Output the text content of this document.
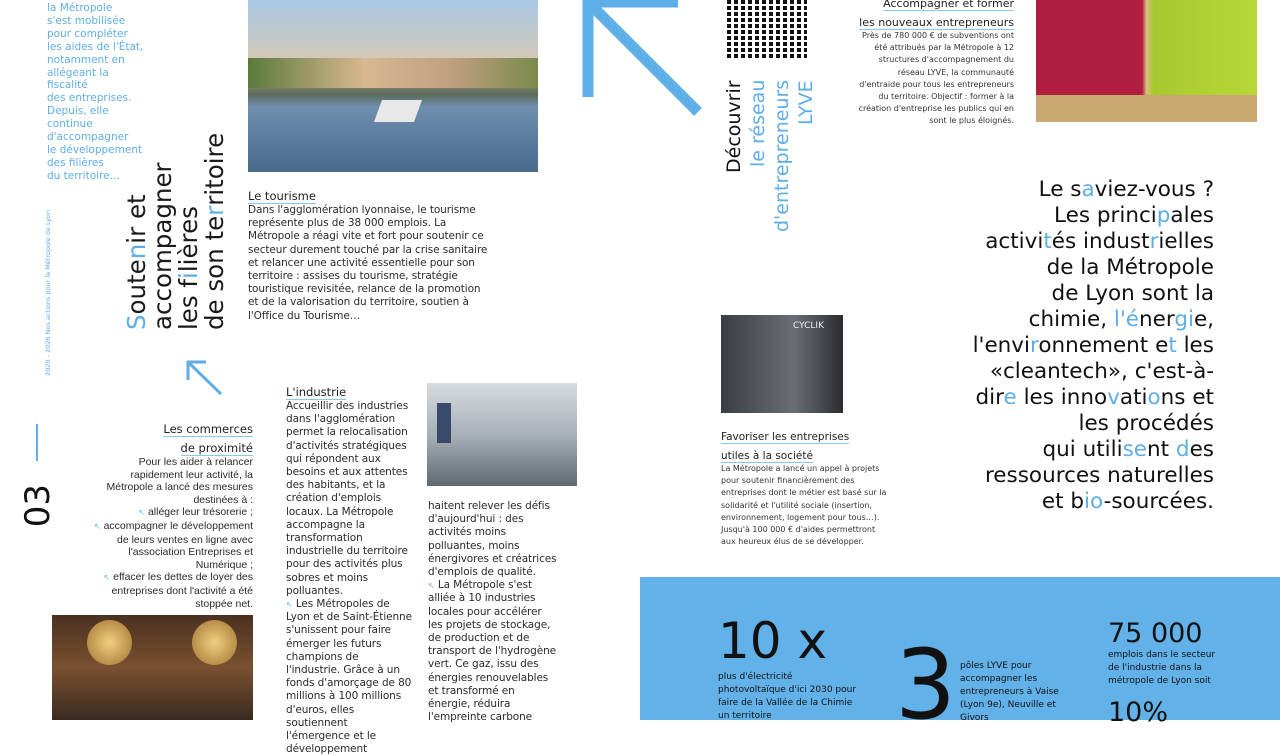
la Métropole
s'est mobilisée
pour compléter
les aides de l'État,
notamment en
allégeant la fiscalité
des entreprises.
Depuis, elle continue
d'accompagner
le développement
des filières
du territoire…
2020 - 2026 Nos actions pour la Métropole de Lyon
03
Soutenir et
accompagner
les filières
de son territoire Le tourisme
Dans l'agglomération lyonnaise, le tourisme représente plus de 38 000 emplois. La Métropole a réagi vite et fort pour soutenir ce secteur durement touché par la crise sanitaire et relancer une activité essentielle pour son territoire : assises du tourisme, stratégie touristique revisitée, relance de la promotion et de la valorisation du territoire, soutien à l'Office du Tourisme…
Les commerces
de proximité
Pour les aider à relancer rapidement leur activité, la Métropole a lancé des mesures destinées à :
↖ alléger leur trésorerie ;
↖ accompagner le développement de leurs ventes en ligne avec l'association Entreprises et Numérique ;
↖ effacer les dettes de loyer des entreprises dont l'activité a été stoppée net.
L'industrie
Accueillir des industries dans l'agglomération permet la relocalisation d'activités stratégiques qui répondent aux besoins et aux attentes des habitants, et la création d'emplois locaux. La Métropole accompagne la transformation industrielle du territoire pour des activités plus sobres et moins polluantes.
↖ Les Métropoles de Lyon et de Saint-Étienne s'unissent pour faire émerger les futurs champions de l'industrie. Grâce à un fonds d'amorçage de 80 millions à 100 millions d'euros, elles soutiennent l'émergence et le développement
haitent relever les défis d'aujourd'hui : des activités moins polluantes, moins énergivores et créatrices d'emplois de qualité.
↖ La Métropole s'est alliée à 10 industries locales pour accélérer les projets de stockage, de production et de transport de l'hydrogène vert. Ce gaz, issu des énergies renouvelables et transformé en énergie, réduira l'empreinte carbone
Découvrir le réseau d'entrepreneurs LYVE
Accompagner et former
les nouveaux entrepreneurs
Près de 780 000 € de subventions ont été attribués par la Métropole à 12 structures d'accompagnement du réseau LYVE, la communauté d'entraide pour tous les entrepreneurs du territoire. Objectif : former à la création d'entreprise les publics qui en sont le plus éloignés.
CYCLIK
Favoriser les entreprises
utiles à la société
La Métropole a lancé un appel à projets pour soutenir financièrement des entreprises dont le métier est basé sur la solidarité et l'utilité sociale (insertion, environnement, logement pour tous…). Jusqu'à 100 000 € d'aides permettront aux heureux élus de se développer.
Le saviez-vous ?
Les principales
activités industrielles
de la Métropole
de Lyon sont la
chimie, l'énergie,
l'environnement et les
«cleantech», c'est-à-
dire les innovations et
les procédés
qui utilisent des
ressources naturelles
et bio-sourcées.
10 x
plus d'électricité photovoltaïque d'ici 2030 pour faire de la Vallée de la Chimie un territoire	3 pôles LYVE pour accompagner les entrepreneurs à Vaise (Lyon 9e), Neuville et Givors
75 000
emplois dans le secteur de l'industrie dans la métropole de Lyon soit
10%
